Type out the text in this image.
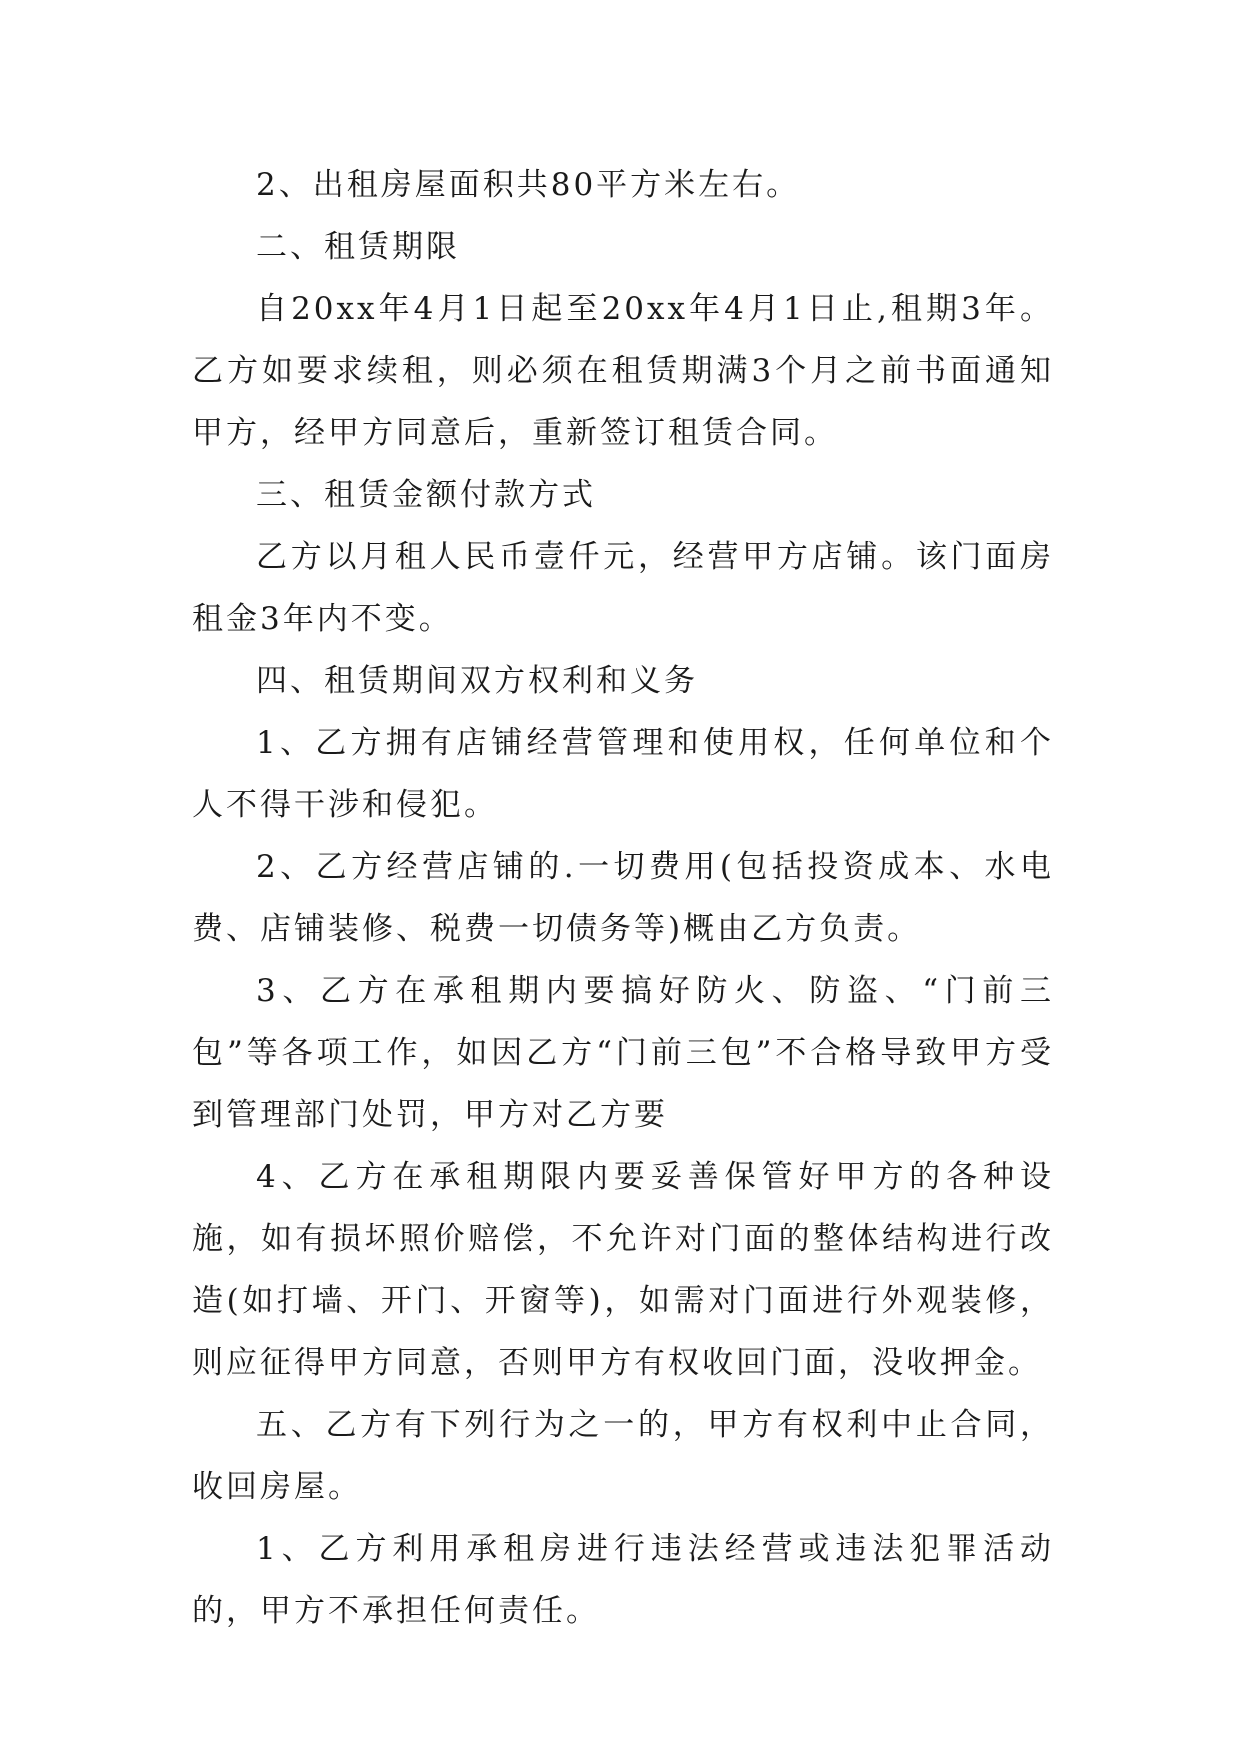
2、出租房屋面积共80平方米左右。

二、租赁期限

自20xx年4月1日起至20xx年4月1日止,租期3年。乙方如要求续租，则必须在租赁期满3个月之前书面通知甲方，经甲方同意后，重新签订租赁合同。

三、租赁金额付款方式

乙方以月租人民币壹仟元，经营甲方店铺。该门面房租金3年内不变。

四、租赁期间双方权利和义务

1、乙方拥有店铺经营管理和使用权，任何单位和个人不得干涉和侵犯。

2、乙方经营店铺的.一切费用(包括投资成本、水电费、店铺装修、税费一切债务等)概由乙方负责。

3、乙方在承租期内要搞好防火、防盗、“门前三包”等各项工作，如因乙方“门前三包”不合格导致甲方受到管理部门处罚，甲方对乙方要

4、乙方在承租期限内要妥善保管好甲方的各种设施，如有损坏照价赔偿，不允许对门面的整体结构进行改造(如打墙、开门、开窗等)，如需对门面进行外观装修，则应征得甲方同意，否则甲方有权收回门面，没收押金。

五、乙方有下列行为之一的，甲方有权利中止合同，收回房屋。

1、乙方利用承租房进行违法经营或违法犯罪活动的，甲方不承担任何责任。
